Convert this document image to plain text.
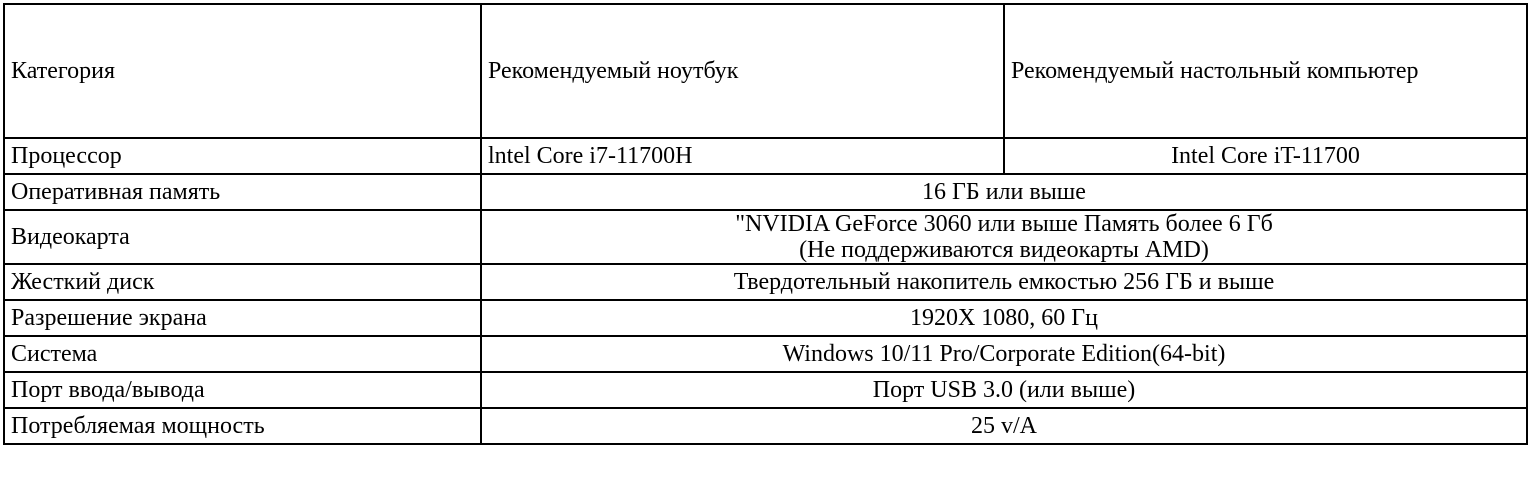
Категория	Рекомендуемый ноутбук	Рекомендуемый настольный компьютер
Процессор	lntel Core i7-11700H	Intel Core iT-11700
Оперативная память	16 ГБ или выше	
Видеокарта	"NVIDIA GeForce 3060 или выше Память более 6 Гб
(Не поддерживаются видеокарты AMD)	

Жесткий диск	Твердотельный накопитель емкостью 256 ГБ и выше	
Разрешение экрана	1920X 1080, 60 Гц	
Система	Windows 10/11 Pro/Corporate Edition(64-bit)	
Порт ввода/вывода	Порт USB 3.0 (или выше)	
Потребляемая мощность	25 v/A	
